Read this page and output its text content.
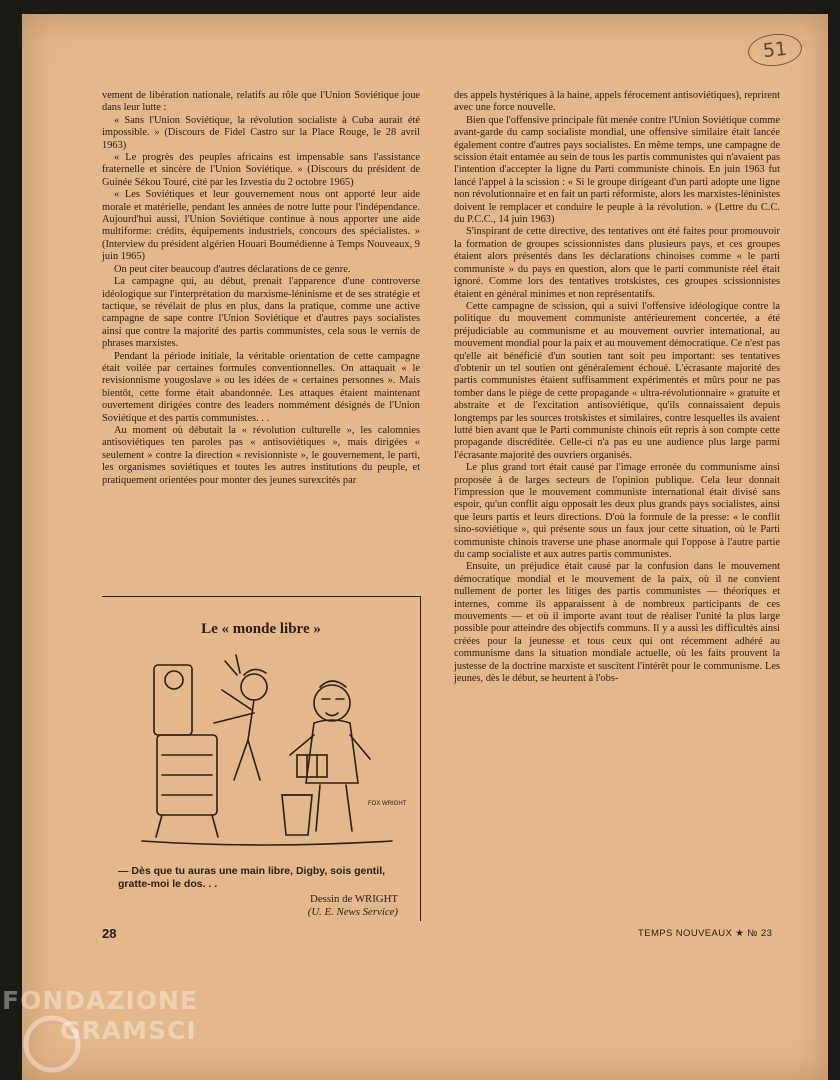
51

vement de libération nationale, relatifs au rôle que l'Union Soviétique joue dans leur lutte :

« Sans l'Union Soviétique, la révolution socialiste à Cuba aurait été impossible. » (Discours de Fidel Castro sur la Place Rouge, le 28 avril 1963)

« Le progrès des peuples africains est impensable sans l'assistance fraternelle et sincère de l'Union Soviétique. » (Discours du président de Guinée Sékou Touré, cité par les Izvestia du 2 octobre 1965)

« Les Soviétiques et leur gouvernement nous ont apporté leur aide morale et matérielle, pendant les années de notre lutte pour l'indépendance. Aujourd'hui aussi, l'Union Soviétique continue à nous apporter une aide multiforme: crédits, équipements industriels, concours des spécialistes. » (Interview du président algérien Houari Boumédienne à Temps Nouveaux, 9 juin 1965)

On peut citer beaucoup d'autres déclarations de ce genre.

La campagne qui, au début, prenait l'apparence d'une controverse idéologique sur l'interprétation du marxisme-léninisme et de ses stratégie et tactique, se révélait de plus en plus, dans la pratique, comme une active campagne de sape contre l'Union Soviétique et d'autres pays socialistes ainsi que contre la majorité des partis communistes, cela sous le vernis de phrases marxistes.

Pendant la période initiale, la véritable orientation de cette campagne était voilée par certaines formules conventionnelles. On attaquait « le revisionnisme yougoslave » ou les idées de « certaines personnes ». Mais bientôt, cette forme était abandonnée. Les attaques étaient maintenant ouvertement dirigées contre des leaders nommément désignés de l'Union Soviétique et des partis communistes. . .

Au moment où débutait la « révolution culturelle », les calomnies antisoviétiques ten paroles pas « antisoviétiques », mais dirigées « seulement » contre la direction « revisionniste », le gouvernement, le parti, les organismes soviétiques et toutes les autres institutions du peuple, et pratiquement orientées pour monter des jeunes surexcités par

Le « monde libre »
FOX WRIGHT
— Dès que tu auras une main libre, Digby, sois gentil, gratte-moi le dos. . .
Dessin de WRIGHT
(U. E. News Service)

des appels hystériques à la haine, appels férocement antisoviétiques), reprirent avec une force nouvelle.

Bien que l'offensive principale fût menée contre l'Union Soviétique comme avant-garde du camp socialiste mondial, une offensive similaire était lancée également contre d'autres pays socialistes. En même temps, une campagne de scission était entamée au sein de tous les partis communistes qui n'avaient pas l'intention d'accepter la ligne du Parti communiste chinois. En juin 1963 fut lancé l'appel à la scission : « Si le groupe dirigeant d'un parti adopte une ligne non révolutionnaire et en fait un parti réformiste, alors les marxistes-léninistes doivent le remplacer et conduire le peuple à la révolution. » (Lettre du C.C. du P.C.C., 14 juin 1963)

S'inspirant de cette directive, des tentatives ont été faites pour promouvoir la formation de groupes scissionnistes dans plusieurs pays, et ces groupes étaient alors présentés dans les déclarations chinoises comme « le parti communiste » du pays en question, alors que le parti communiste réel était ignoré. Comme lors des tentatives trotskistes, ces groupes scissionnistes étaient en général minimes et non représentatifs.

Cette campagne de scission, qui a suivi l'offensive idéologique contre la politique du mouvement communiste antérieurement concertée, a été préjudiciable au communisme et au mouvement ouvrier international, au mouvement mondial pour la paix et au mouvement démocratique. Ce n'est pas qu'elle ait bénéficié d'un soutien tant soit peu important: ses tentatives d'obtenir un tel soutien ont généralement échoué. L'écrasante majorité des partis communistes étaient suffisamment expérimentés et mûrs pour ne pas tomber dans le piège de cette propagande « ultra-révolutionnaire » gratuite et abstraite et de l'excitation antisoviétique, qu'ils connaissaient depuis longtemps par les sources trotskistes et similaires, contre lesquelles ils avaient lutté bien avant que le Parti communiste chinois eût repris à son compte cette propagande discréditée. Celle-ci n'a pas eu une audience plus large parmi l'écrasante majorité des ouvriers organisés.

Le plus grand tort était causé par l'image erronée du communisme ainsi proposée à de larges secteurs de l'opinion publique. Cela leur donnait l'impression que le mouvement communiste international était divisé sans espoir, qu'un conflit aigu opposait les deux plus grands pays socialistes, ainsi que leurs partis et leurs directions. D'où la formule de la presse: « le conflit sino-soviétique », qui présente sous un faux jour cette situation, où le Parti communiste chinois traverse une phase anormale qui l'oppose à l'autre partie du camp socialiste et aux autres partis communistes.

Ensuite, un préjudice était causé par la confusion dans le mouvement démocratique mondial et le mouvement de la paix, où il ne convient nullement de porter les litiges des partis communistes — théoriques et internes, comme ils apparaissent à de nombreux participants de ces mouvements — et où il importe avant tout de réaliser l'unité la plus large possible pour atteindre des objectifs communs. Il y a aussi les difficultés ainsi créées pour la jeunesse et tous ceux qui ont récemment adhéré au communisme dans la situation mondiale actuelle, où les faits prouvent la justesse de la doctrine marxiste et suscitent l'intérêt pour le communisme. Les jeunes, dès le début, se heurtent à l'obs-

28	TEMPS NOUVEAUX ★ № 23
FONDAZIONE
GRAMSCI
